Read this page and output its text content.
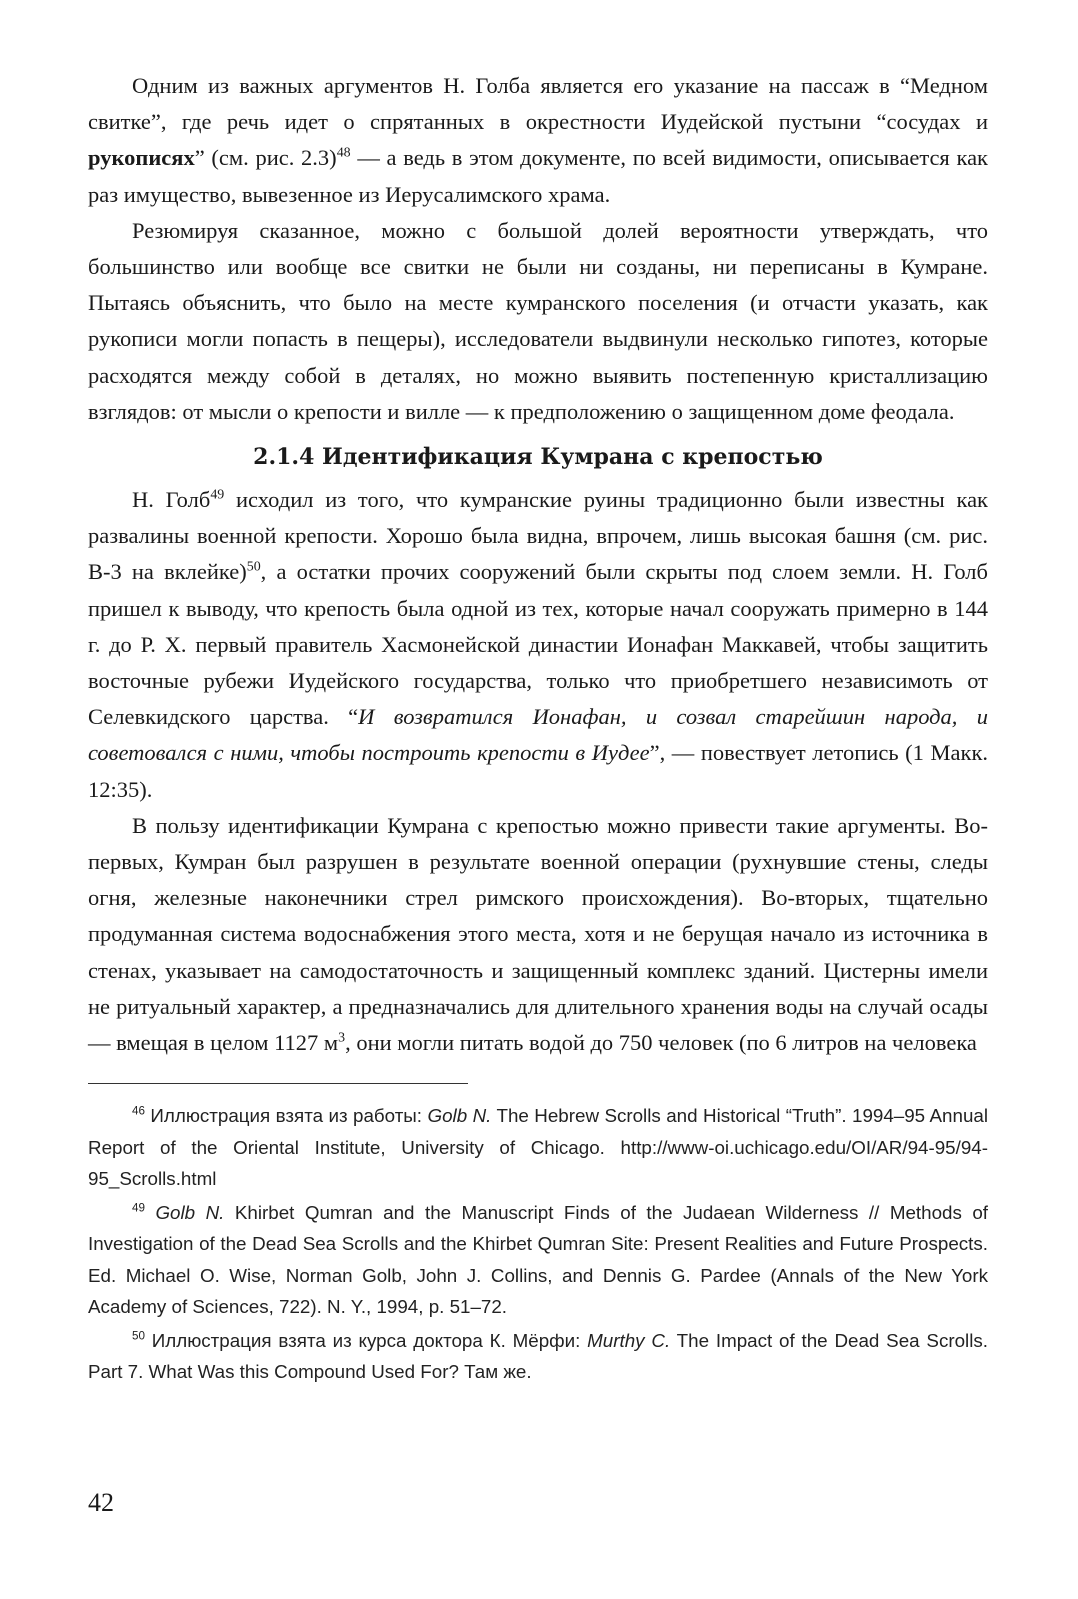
Одним из важных аргументов Н. Голба является его указание на пассаж в “Медном свитке”, где речь идет о спрятанных в окрестности Иудейской пустыни “сосудах и рукописях” (см. рис. 2.3)$^{48}$ — а ведь в этом документе, по всей видимости, описывается как раз имущество, вывезенное из Иерусалимского храма.

Резюмируя сказанное, можно с большой долей вероятности утверждать, что большинство или вообще все свитки не были ни созданы, ни переписаны в Кумране. Пытаясь объяснить, что было на месте кумранского поселения (и отчасти указать, как рукописи могли попасть в пещеры), исследователи выдвинули несколько гипотез, которые расходятся между собой в деталях, но можно выявить постепенную кристаллизацию взглядов: от мысли о крепости и вилле — к предположению о защищенном доме феодала.

2.1.4 Идентификация Кумрана с крепостью

Н. Голб$^{49}$ исходил из того, что кумранские руины традиционно были известны как развалины военной крепости. Хорошо была видна, впрочем, лишь высокая башня (см. рис. В-3 на вклейке)$^{50}$, а остатки прочих сооружений были скрыты под слоем земли. Н. Голб пришел к выводу, что крепость была одной из тех, которые начал сооружать примерно в 144 г. до Р. Х. первый правитель Хасмонейской династии Ионафан Маккавей, чтобы защитить восточные рубежи Иудейского государства, только что приобретшего независимоть от Селевкидского царства. “И возвратился Ионафан, и созвал старейшин народа, и советовался с ними, чтобы построить крепости в Иудее”, — повествует летопись (1 Макк. 12:35).

В пользу идентификации Кумрана с крепостью можно привести такие аргументы. Во-первых, Кумран был разрушен в результате военной операции (рухнувшие стены, следы огня, железные наконечники стрел римского происхождения). Во-вторых, тщательно продуманная система водоснабжения этого места, хотя и не берущая начало из источника в стенах, указывает на самодостаточность и защищенный комплекс зданий. Цистерны имели не ритуальный характер, а предназначались для длительного хранения воды на случай осады — вмещая в целом 1127 $м^3$, они могли питать водой до 750 человек (по 6 литров на человека

$^{46}$ Иллюстрация взята из работы: Golb N. The Hebrew Scrolls and Historical “Truth”. 1994–95 Annual Report of the Oriental Institute, University of Chicago. http://www-oi.uchicago.edu/OI/AR/94-95/94-95_Scrolls.html

$^{49}$ Golb N. Khirbet Qumran and the Manuscript Finds of the Judaean Wilderness // Methods of Investigation of the Dead Sea Scrolls and the Khirbet Qumran Site: Present Realities and Future Prospects. Ed. Michael O. Wise, Norman Golb, John J. Collins, and Dennis G. Pardee (Annals of the New York Academy of Sciences, 722). N. Y., 1994, p. 51–72.

$^{50}$ Иллюстрация взята из курса доктора К. Мёрфи: Murthy C. The Impact of the Dead Sea Scrolls. Part 7. What Was this Compound Used For? Там же.

42
